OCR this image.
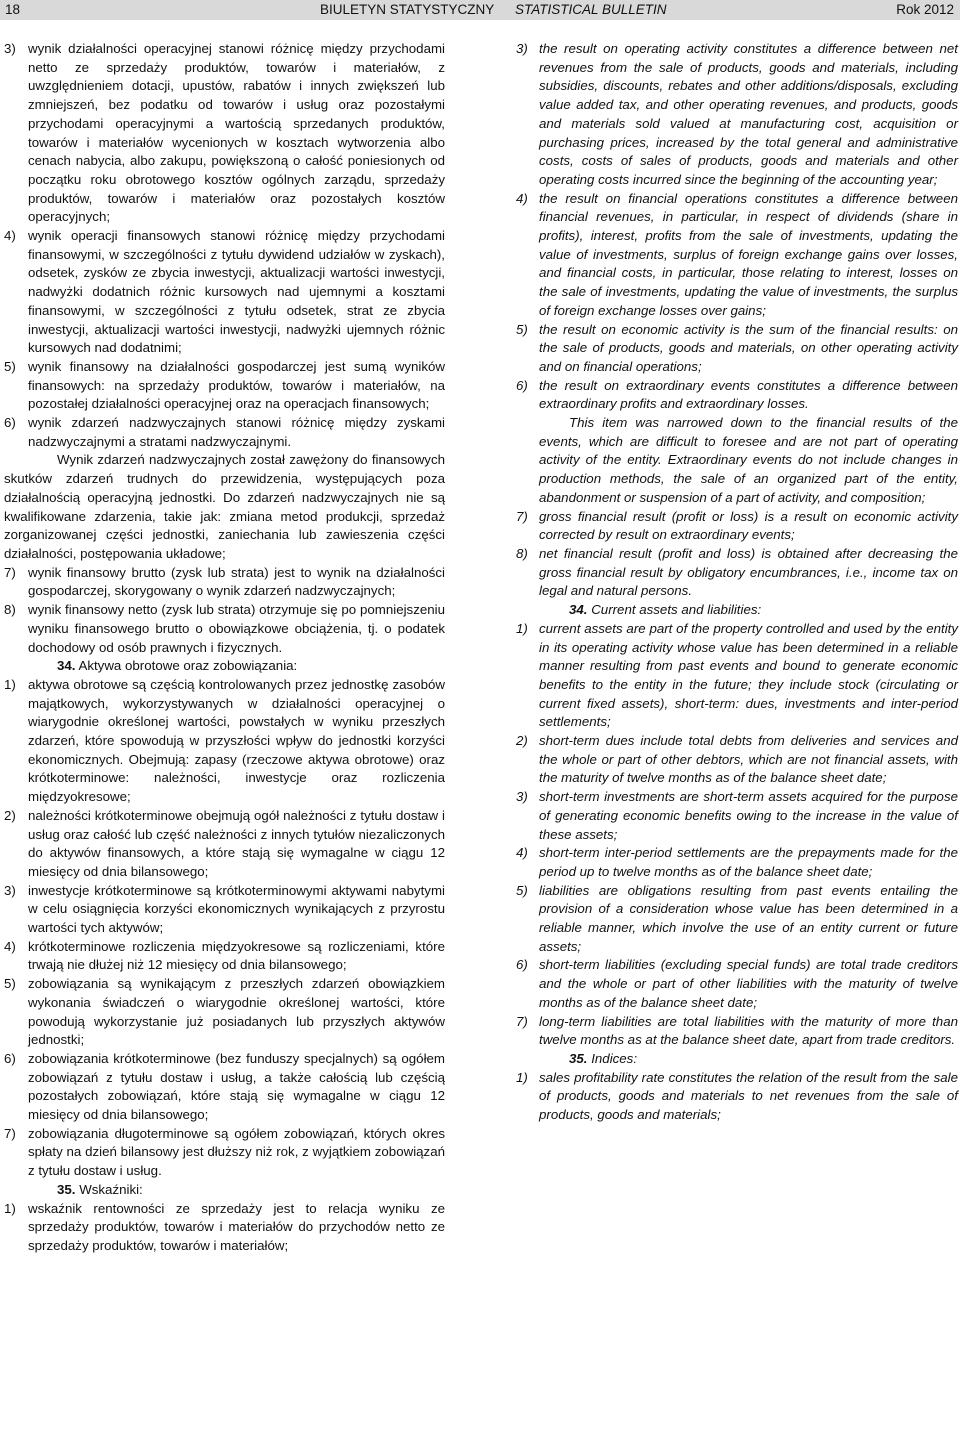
18	BIULETYN STATYSTYCZNY STATISTICAL BULLETIN	Rok 2012
3) wynik działalności operacyjnej stanowi różnicę między przychodami netto ze sprzedaży produktów, towarów i materiałów, z uwzględnieniem dotacji, upustów, rabatów i innych zwiększeń lub zmniejszeń, bez podatku od towarów i usług oraz pozostałymi przychodami operacyjnymi a wartością sprzedanych produktów, towarów i materiałów wycenionych w kosztach wytworzenia albo cenach nabycia, albo zakupu, powiększoną o całość poniesionych od początku roku obrotowego kosztów ogólnych zarządu, sprzedaży produktów, towarów i materiałów oraz pozostałych kosztów operacyjnych;
4) wynik operacji finansowych stanowi różnicę między przychodami finansowymi, w szczególności z tytułu dywidend udziałów w zyskach), odsetek, zysków ze zbycia inwestycji, aktualizacji wartości inwestycji, nadwyżki dodatnich różnic kursowych nad ujemnymi a kosztami finansowymi, w szczególności z tytułu odsetek, strat ze zbycia inwestycji, aktualizacji wartości inwestycji, nadwyżki ujemnych różnic kursowych nad dodatnimi;
5) wynik finansowy na działalności gospodarczej jest sumą wyników finansowych: na sprzedaży produktów, towarów i materiałów, na pozostałej działalności operacyjnej oraz na operacjach finansowych;
6) wynik zdarzeń nadzwyczajnych stanowi różnicę między zyskami nadzwyczajnymi a stratami nadzwyczajnymi.
Wynik zdarzeń nadzwyczajnych został zawężony do finansowych skutków zdarzeń trudnych do przewidzenia, występujących poza działalnością operacyjną jednostki. Do zdarzeń nadzwyczajnych nie są kwalifikowane zdarzenia, takie jak: zmiana metod produkcji, sprzedaż zorganizowanej części jednostki, zaniechania lub zawieszenia części działalności, postępowania układowe;
7) wynik finansowy brutto (zysk lub strata) jest to wynik na działalności gospodarczej, skorygowany o wynik zdarzeń nadzwyczajnych;
8) wynik finansowy netto (zysk lub strata) otrzymuje się po pomniejszeniu wyniku finansowego brutto o obowiązkowe obciążenia, tj. o podatek dochodowy od osób prawnych i fizycznych.
34. Aktywa obrotowe oraz zobowiązania:
1) aktywa obrotowe są częścią kontrolowanych przez jednostkę zasobów majątkowych, wykorzystywanych w działalności operacyjnej o wiarygodnie określonej wartości, powstałych w wyniku przeszłych zdarzeń, które spowodują w przyszłości wpływ do jednostki korzyści ekonomicznych. Obejmują: zapasy (rzeczowe aktywa obrotowe) oraz krótkoterminowe: należności, inwestycje oraz rozliczenia międzyokresowe;
2) należności krótkoterminowe obejmują ogół należności z tytułu dostaw i usług oraz całość lub część należności z innych tytułów niezaliczonych do aktywów finansowych, a które stają się wymagalne w ciągu 12 miesięcy od dnia bilansowego;
3) inwestycje krótkoterminowe są krótkoterminowymi aktywami nabytymi w celu osiągnięcia korzyści ekonomicznych wynikających z przyrostu wartości tych aktywów;
4) krótkoterminowe rozliczenia międzyokresowe są rozliczeniami, które trwają nie dłużej niż 12 miesięcy od dnia bilansowego;
5) zobowiązania są wynikającym z przeszłych zdarzeń obowiązkiem wykonania świadczeń o wiarygodnie określonej wartości, które powodują wykorzystanie już posiadanych lub przyszłych aktywów jednostki;
6) zobowiązania krótkoterminowe (bez funduszy specjalnych) są ogółem zobowiązań z tytułu dostaw i usług, a także całością lub częścią pozostałych zobowiązań, które stają się wymagalne w ciągu 12 miesięcy od dnia bilansowego;
7) zobowiązania długoterminowe są ogółem zobowiązań, których okres spłaty na dzień bilansowy jest dłuższy niż rok, z wyjątkiem zobowiązań z tytułu dostaw i usług.
35. Wskaźniki:
1) wskaźnik rentowności ze sprzedaży jest to relacja wyniku ze sprzedaży produktów, towarów i materiałów do przychodów netto ze sprzedaży produktów, towarów i materiałów;
3) the result on operating activity constitutes a difference between net revenues from the sale of products, goods and materials, including subsidies, discounts, rebates and other additions/disposals, excluding value added tax, and other operating revenues, and products, goods and materials sold valued at manufacturing cost, acquisition or purchasing prices, increased by the total general and administrative costs, costs of sales of products, goods and materials and other operating costs incurred since the beginning of the accounting year;
4) the result on financial operations constitutes a difference between financial revenues, in particular, in respect of dividends (share in profits), interest, profits from the sale of investments, updating the value of investments, surplus of foreign exchange gains over losses, and financial costs, in particular, those relating to interest, losses on the sale of investments, updating the value of investments, the surplus of foreign exchange losses over gains;
5) the result on economic activity is the sum of the financial results: on the sale of products, goods and materials, on other operating activity and on financial operations;
6) the result on extraordinary events constitutes a difference between extraordinary profits and extraordinary losses.
This item was narrowed down to the financial results of the events, which are difficult to foresee and are not part of operating activity of the entity. Extraordinary events do not include changes in production methods, the sale of an organized part of the entity, abandonment or suspension of a part of activity, and composition;
7) gross financial result (profit or loss) is a result on economic activity corrected by result on extraordinary events;
8) net financial result (profit and loss) is obtained after decreasing the gross financial result by obligatory encumbrances, i.e., income tax on legal and natural persons.
34. Current assets and liabilities:
1) current assets are part of the property controlled and used by the entity in its operating activity whose value has been determined in a reliable manner resulting from past events and bound to generate economic benefits to the entity in the future; they include stock (circulating or current fixed assets), short-term: dues, investments and inter-period settlements;
2) short-term dues include total debts from deliveries and services and the whole or part of other debtors, which are not financial assets, with the maturity of twelve months as of the balance sheet date;
3) short-term investments are short-term assets acquired for the purpose of generating economic benefits owing to the increase in the value of these assets;
4) short-term inter-period settlements are the prepayments made for the period up to twelve months as of the balance sheet date;
5) liabilities are obligations resulting from past events entailing the provision of a consideration whose value has been determined in a reliable manner, which involve the use of an entity current or future assets;
6) short-term liabilities (excluding special funds) are total trade creditors and the whole or part of other liabilities with the maturity of twelve months as of the balance sheet date;
7) long-term liabilities are total liabilities with the maturity of more than twelve months as at the balance sheet date, apart from trade creditors.
35. Indices:
1) sales profitability rate constitutes the relation of the result from the sale of products, goods and materials to net revenues from the sale of products, goods and materials;
